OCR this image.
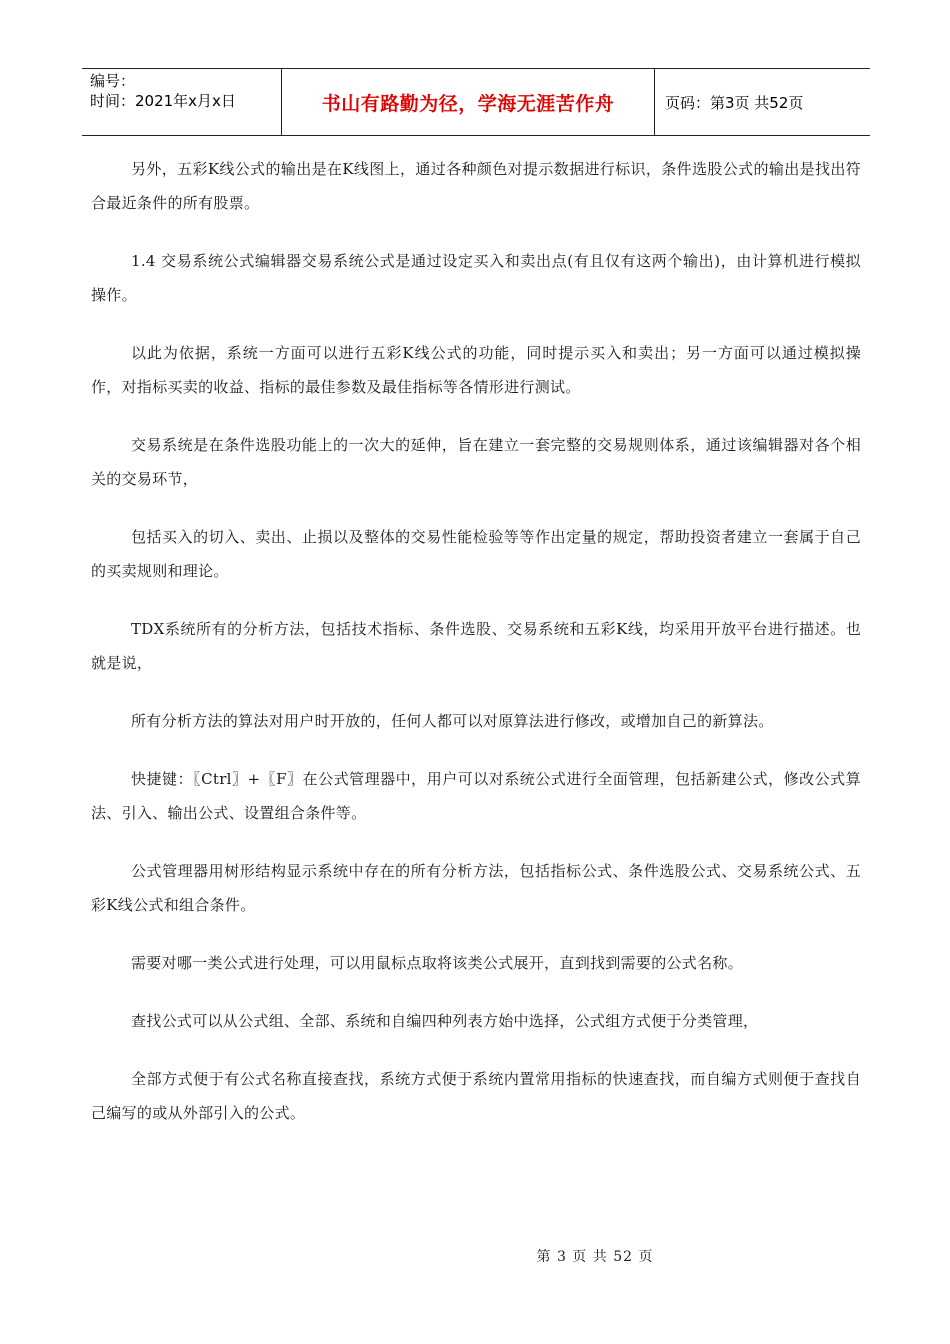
编号：
时间：2021年x月x日	书山有路勤为径，学海无涯苦作舟	页码：第3页 共52页

另外，五彩K线公式的输出是在K线图上，通过各种颜色对提示数据进行标识，条件选股公式的输出是找出符合最近条件的所有股票。

1.4 交易系统公式编辑器交易系统公式是通过设定买入和卖出点(有且仅有这两个输出)，由计算机进行模拟操作。

以此为依据，系统一方面可以进行五彩K线公式的功能，同时提示买入和卖出；另一方面可以通过模拟操作，对指标买卖的收益、指标的最佳参数及最佳指标等各情形进行测试。

交易系统是在条件选股功能上的一次大的延伸，旨在建立一套完整的交易规则体系，通过该编辑器对各个相关的交易环节，

包括买入的切入、卖出、止损以及整体的交易性能检验等等作出定量的规定，帮助投资者建立一套属于自己的买卖规则和理论。

TDX系统所有的分析方法，包括技术指标、条件选股、交易系统和五彩K线，均采用开放平台进行描述。也就是说，

所有分析方法的算法对用户时开放的，任何人都可以对原算法进行修改，或增加自己的新算法。

快捷键：〖Ctrl〗+〖F〗在公式管理器中，用户可以对系统公式进行全面管理，包括新建公式，修改公式算法、引入、输出公式、设置组合条件等。

公式管理器用树形结构显示系统中存在的所有分析方法，包括指标公式、条件选股公式、交易系统公式、五彩K线公式和组合条件。

需要对哪一类公式进行处理，可以用鼠标点取将该类公式展开，直到找到需要的公式名称。

查找公式可以从公式组、全部、系统和自编四种列表方始中选择，公式组方式便于分类管理，

全部方式便于有公式名称直接查找，系统方式便于系统内置常用指标的快速查找，而自编方式则便于查找自己编写的或从外部引入的公式。

第 3 页 共 52 页
